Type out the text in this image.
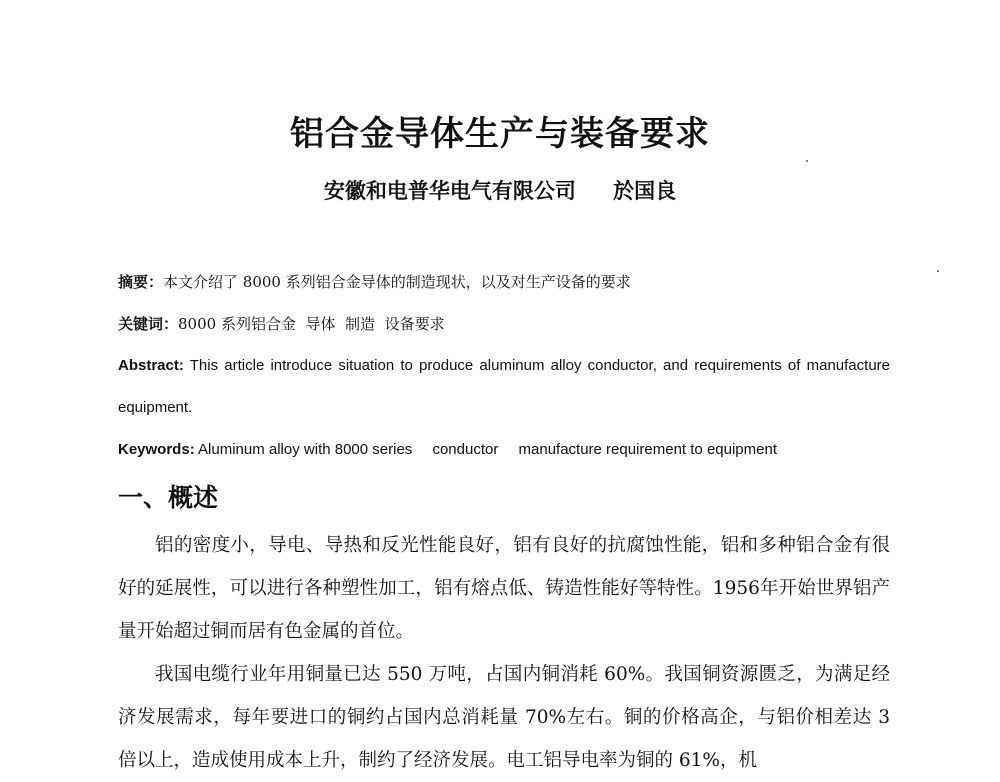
铝合金导体生产与装备要求
安徽和电普华电气有限公司 於国良
摘要：本文介绍了 8000 系列铝合金导体的制造现状，以及对生产设备的要求
关键词：8000 系列铝合金  导体  制造  设备要求
Abstract: This article introduce situation to produce aluminum alloy conductor, and requirements of manufacture equipment.
Keywords: Aluminum alloy with 8000 series conductor manufacture requirement to equipment
一、概述

铝的密度小，导电、导热和反光性能良好，铝有良好的抗腐蚀性能，铝和多种铝合金有很好的延展性，可以进行各种塑性加工，铝有熔点低、铸造性能好等特性。1956年开始世界铝产量开始超过铜而居有色金属的首位。

我国电缆行业年用铜量已达 550 万吨，占国内铜消耗 60%。我国铜资源匮乏，为满足经济发展需求，每年要进口的铜约占国内总消耗量 70%左右。铜的价格高企，与铝价相差达 3 倍以上，造成使用成本上升，制约了经济发展。电工铝导电率为铜的 61%，机
